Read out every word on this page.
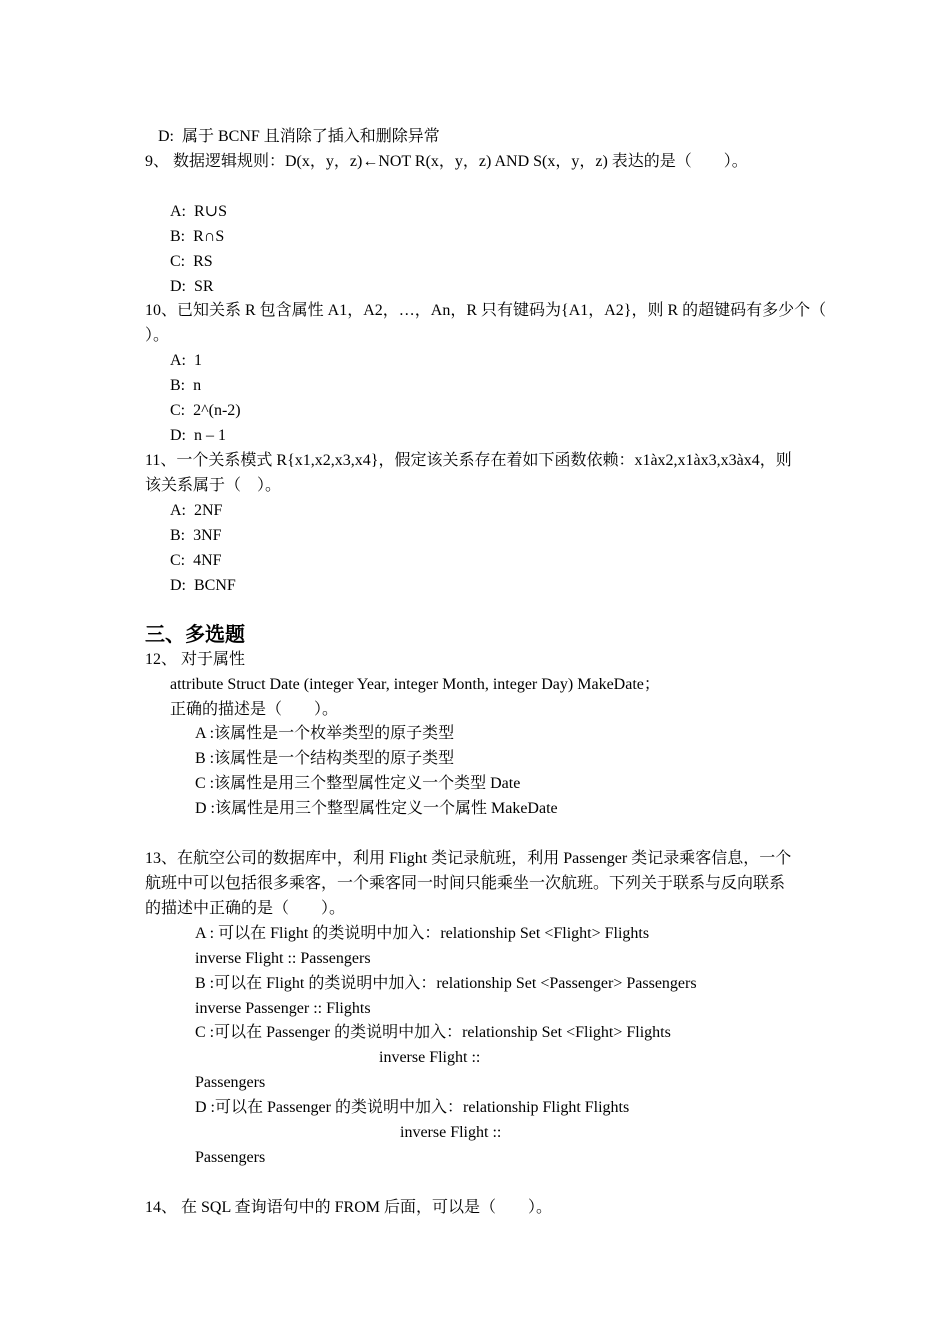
D:  属于 BCNF 且消除了插入和删除异常
9、 数据逻辑规则：D(x，y，z)←NOT R(x，y，z) AND S(x，y，z) 表达的是（　　）。
A:  R∪S
B:  R∩S
C:  RS
D:  SR
10、已知关系 R 包含属性 A1，A2，…，An，R 只有键码为{A1，A2}，则 R 的超键码有多少个（
）。
A:  1
B:  n
C:  2^(n-2)
D:  n – 1
11、一个关系模式 R{x1,x2,x3,x4}，假定该关系存在着如下函数依赖：x1àx2,x1àx3,x3àx4，则
该关系属于（　）。
A:  2NF
B:  3NF
C:  4NF
D:  BCNF
三、多选题
12、 对于属性
attribute Struct Date (integer Year, integer Month, integer Day) MakeDate；
正确的描述是（　　）。
A :该属性是一个枚举类型的原子类型
B :该属性是一个结构类型的原子类型
C :该属性是用三个整型属性定义一个类型 Date
D :该属性是用三个整型属性定义一个属性 MakeDate
13、在航空公司的数据库中，利用 Flight 类记录航班，利用 Passenger 类记录乘客信息，一个
航班中可以包括很多乘客，一个乘客同一时间只能乘坐一次航班。下列关于联系与反向联系
的描述中正确的是（　　）。
A : 可以在 Flight 的类说明中加入：relationship Set <Flight> Flights
inverse Flight :: Passengers
B :可以在 Flight 的类说明中加入：relationship Set <Passenger> Passengers
inverse Passenger :: Flights
C :可以在 Passenger 的类说明中加入：relationship Set <Flight> Flights
inverse Flight ::
Passengers
D :可以在 Passenger 的类说明中加入：relationship Flight Flights
inverse Flight ::
Passengers
14、 在 SQL 查询语句中的 FROM 后面，可以是（　　）。
